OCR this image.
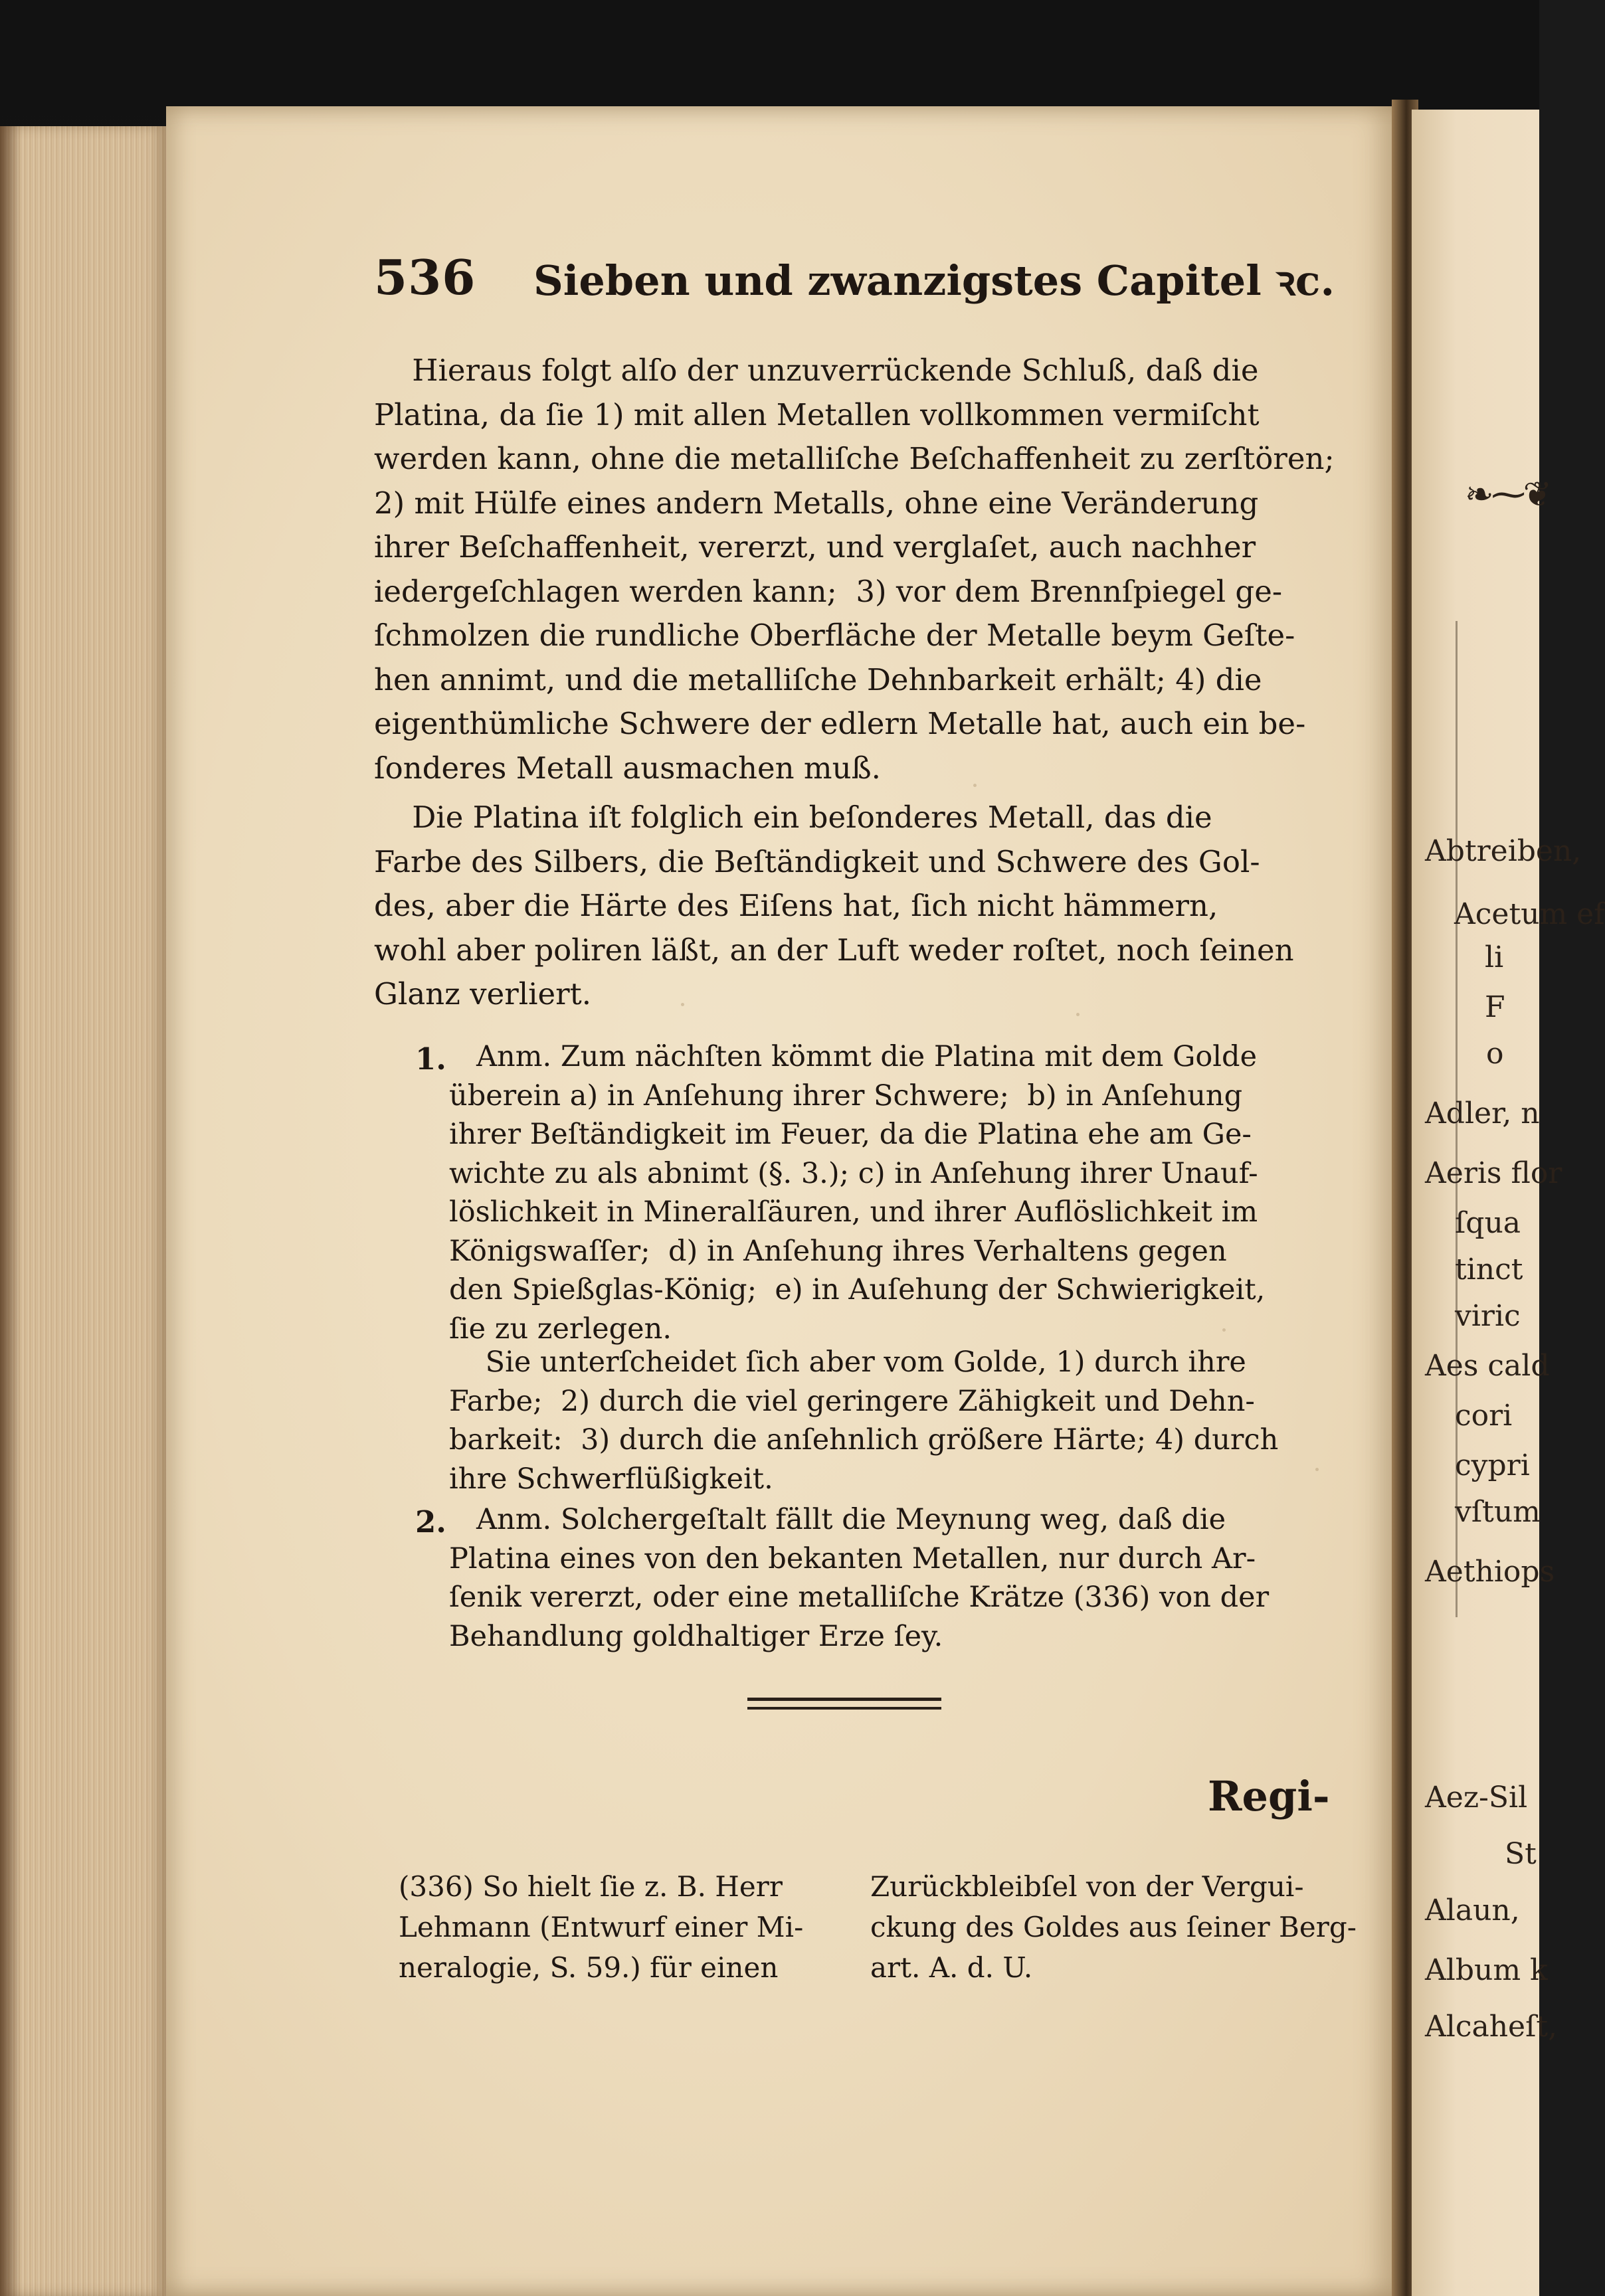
❧⁓❦
Abtreiben,
Acetum ef
li
F
o
Adler, n
Aeris flor
ſqua
tinct
viric
Aes cald
cori
cypri
vſtum
Aethiops
Aez-Sil
St
Alaun,
Album k
Alcaheſt,
536 Sieben und zwanzigstes Capitel ꝛc.
Hieraus folgt alſo der unzuverrückende Schluß, daß die
Platina, da ſie 1) mit allen Metallen vollkommen vermiſcht
werden kann, ohne die metalliſche Beſchaffenheit zu zerſtören;
2) mit Hülfe eines andern Metalls, ohne eine Veränderung
ihrer Beſchaffenheit, vererzt, und verglaſet, auch nachher
iedergeſchlagen werden kann;  3) vor dem Brennſpiegel ge-
ſchmolzen die rundliche Oberfläche der Metalle beym Geſte-
hen annimt, und die metalliſche Dehnbarkeit erhält; 4) die
eigenthümliche Schwere der edlern Metalle hat, auch ein be-
ſonderes Metall ausmachen muß.
Die Platina iſt folglich ein beſonderes Metall, das die
Farbe des Silbers, die Beſtändigkeit und Schwere des Gol-
des, aber die Härte des Eiſens hat, ſich nicht hämmern,
wohl aber poliren läßt, an der Luft weder roſtet, noch ſeinen
Glanz verliert.
1.	Anm. Zum nächſten kömmt die Platina mit dem Golde
überein a) in Anſehung ihrer Schwere;  b) in Anſehung
ihrer Beſtändigkeit im Feuer, da die Platina ehe am Ge-
wichte zu als abnimt (§. 3.); c) in Anſehung ihrer Unauf-
löslichkeit in Mineralſäuren, und ihrer Auflöslichkeit im
Königswaſſer;  d) in Anſehung ihres Verhaltens gegen
den Spießglas-König;  e) in Auſehung der Schwierigkeit,
ſie zu zerlegen.
Sie unterſcheidet ſich aber vom Golde, 1) durch ihre
Farbe;  2) durch die viel geringere Zähigkeit und Dehn-
barkeit:  3) durch die anſehnlich größere Härte; 4) durch
ihre Schwerflüßigkeit.
2.	Anm. Solchergeſtalt fällt die Meynung weg, daß die
Platina eines von den bekanten Metallen, nur durch Ar-
ſenik vererzt, oder eine metalliſche Krätze (336) von der
Behandlung goldhaltiger Erze ſey.
Regi-
(336) So hielt ſie z. B. Herr
Lehmann (Entwurf einer Mi-
neralogie, S. 59.) für einen
Zurückbleibſel von der Vergui-
ckung des Goldes aus ſeiner Berg-
art. A. d. U.
